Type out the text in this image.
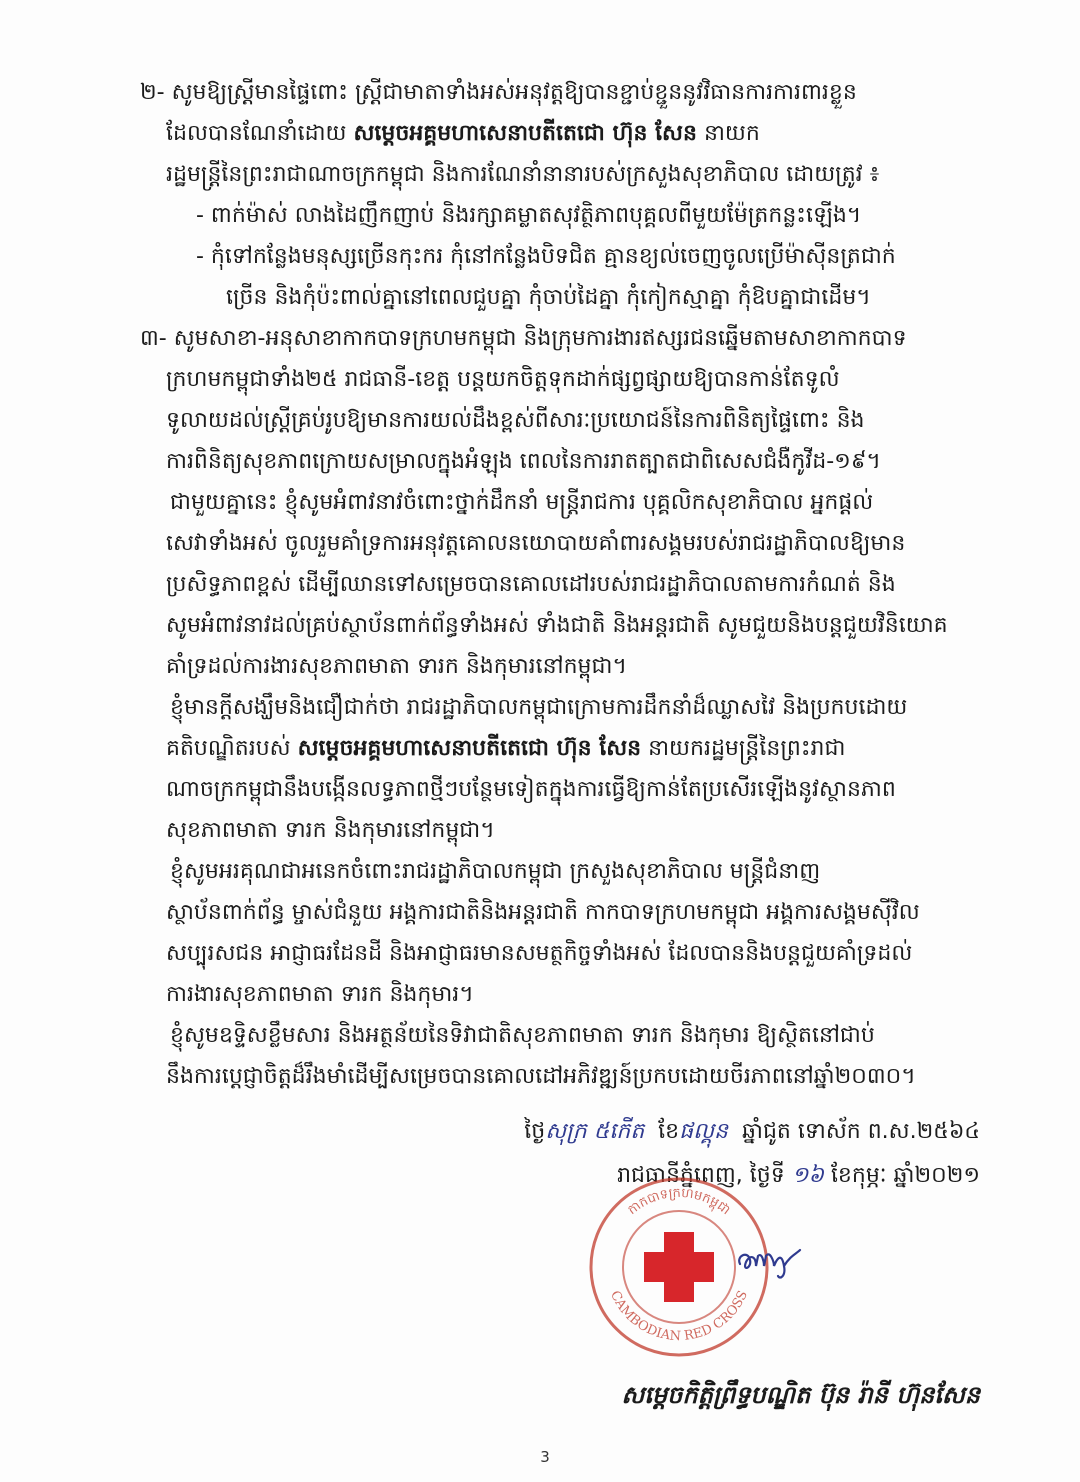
២- សូមឱ្យស្ត្រីមានផ្ទៃពោះ ស្ត្រីជាមាតាទាំងអស់អនុវត្តឱ្យបានខ្ជាប់ខ្ជួននូវវិធានការការពារខ្លួន
ដែលបានណែនាំដោយ សម្តេចអគ្គមហាសេនាបតីតេជោ ហ៊ុន សែន នាយក
រដ្ឋមន្ត្រីនៃព្រះរាជាណាចក្រកម្ពុជា និងការណែនាំនានារបស់ក្រសួងសុខាភិបាល ដោយត្រូវ ៖
- ពាក់ម៉ាស់ លាងដៃញឹកញាប់ និងរក្សាគម្លាតសុវត្ថិភាពបុគ្គលពីមួយម៉ែត្រកន្លះឡើង។
- កុំទៅកន្លែងមនុស្សច្រើនកុះករ កុំនៅកន្លែងបិទជិត គ្មានខ្យល់ចេញចូលប្រើម៉ាស៊ីនត្រជាក់
ច្រើន និងកុំប៉ះពាល់គ្នានៅពេលជួបគ្នា កុំចាប់ដៃគ្នា កុំកៀកស្មាគ្នា កុំឱបគ្នាជាដើម។
៣- សូមសាខា-អនុសាខាកាកបាទក្រហមកម្ពុជា និងក្រុមការងារឥស្សរជនឆ្នើមតាមសាខាកាកបាទ
ក្រហមកម្ពុជាទាំង២៥ រាជធានី-ខេត្ត បន្តយកចិត្តទុកដាក់ផ្សព្វផ្សាយឱ្យបានកាន់តែទូលំ
ទូលាយដល់ស្ត្រីគ្រប់រូបឱ្យមានការយល់ដឹងខ្ពស់ពីសារៈប្រយោជន៍នៃការពិនិត្យផ្ទៃពោះ និង
ការពិនិត្យសុខភាពក្រោយសម្រាលក្នុងអំឡុង ពេលនៃការរាតត្បាតជាពិសេសជំងឺកូវីដ-១៩។
ជាមួយគ្នានេះ ខ្ញុំសូមអំពាវនាវចំពោះថ្នាក់ដឹកនាំ មន្ត្រីរាជការ បុគ្គលិកសុខាភិបាល អ្នកផ្តល់
សេវាទាំងអស់ ចូលរួមគាំទ្រការអនុវត្តគោលនយោបាយគាំពារសង្គមរបស់រាជរដ្ឋាភិបាលឱ្យមាន
ប្រសិទ្ធភាពខ្ពស់ ដើម្បីឈានទៅសម្រេចបានគោលដៅរបស់រាជរដ្ឋាភិបាលតាមការកំណត់ និង
សូមអំពាវនាវដល់គ្រប់ស្ថាប័នពាក់ព័ន្ធទាំងអស់ ទាំងជាតិ និងអន្តរជាតិ សូមជួយនិងបន្តជួយវិនិយោគ
គាំទ្រដល់ការងារសុខភាពមាតា ទារក និងកុមារនៅកម្ពុជា។
ខ្ញុំមានក្តីសង្ឃឹមនិងជឿជាក់ថា រាជរដ្ឋាភិបាលកម្ពុជាក្រោមការដឹកនាំដ៏ឈ្លាសវៃ និងប្រកបដោយ
គតិបណ្ឌិតរបស់ សម្តេចអគ្គមហាសេនាបតីតេជោ ហ៊ុន សែន នាយករដ្ឋមន្ត្រីនៃព្រះរាជា
ណាចក្រកម្ពុជានឹងបង្កើនលទ្ធភាពថ្មីៗបន្ថែមទៀតក្នុងការធ្វើឱ្យកាន់តែប្រសើរឡើងនូវស្ថានភាព
សុខភាពមាតា ទារក និងកុមារនៅកម្ពុជា។
ខ្ញុំសូមអរគុណជាអនេកចំពោះរាជរដ្ឋាភិបាលកម្ពុជា ក្រសួងសុខាភិបាល មន្ត្រីជំនាញ
ស្ថាប័នពាក់ព័ន្ធ ម្ចាស់ជំនួយ អង្គការជាតិនិងអន្តរជាតិ កាកបាទក្រហមកម្ពុជា អង្គការសង្គមស៊ីវិល
សប្បុរសជន អាជ្ញាធរដែនដី និងអាជ្ញាធរមានសមត្ថកិច្ចទាំងអស់ ដែលបាននិងបន្តជួយគាំទ្រដល់
ការងារសុខភាពមាតា ទារក និងកុមារ។
ខ្ញុំសូមឧទ្ទិសខ្លឹមសារ និងអត្ថន័យនៃទិវាជាតិសុខភាពមាតា ទារក និងកុមារ ឱ្យស្ថិតនៅជាប់
នឹងការប្តេជ្ញាចិត្តដ៏រឹងមាំដើម្បីសម្រេចបានគោលដៅអភិវឌ្ឍន៍ប្រកបដោយចីរភាពនៅឆ្នាំ២០៣០។
ថ្ងៃសុក្រ ៥កើត ខែផល្គុន ឆ្នាំជូត ទោស័ក ព.ស.២៥៦៤
រាជធានីភ្នំពេញ, ថ្ងៃទី ១៦ ខែកុម្ភៈ ឆ្នាំ២០២១
កាកបាទក្រហមកម្ពុជា
CAMBODIAN RED CROSS
សម្តេចកិត្តិព្រឹទ្ធបណ្ឌិត ប៊ុន រ៉ានី ហ៊ុនសែន
3
